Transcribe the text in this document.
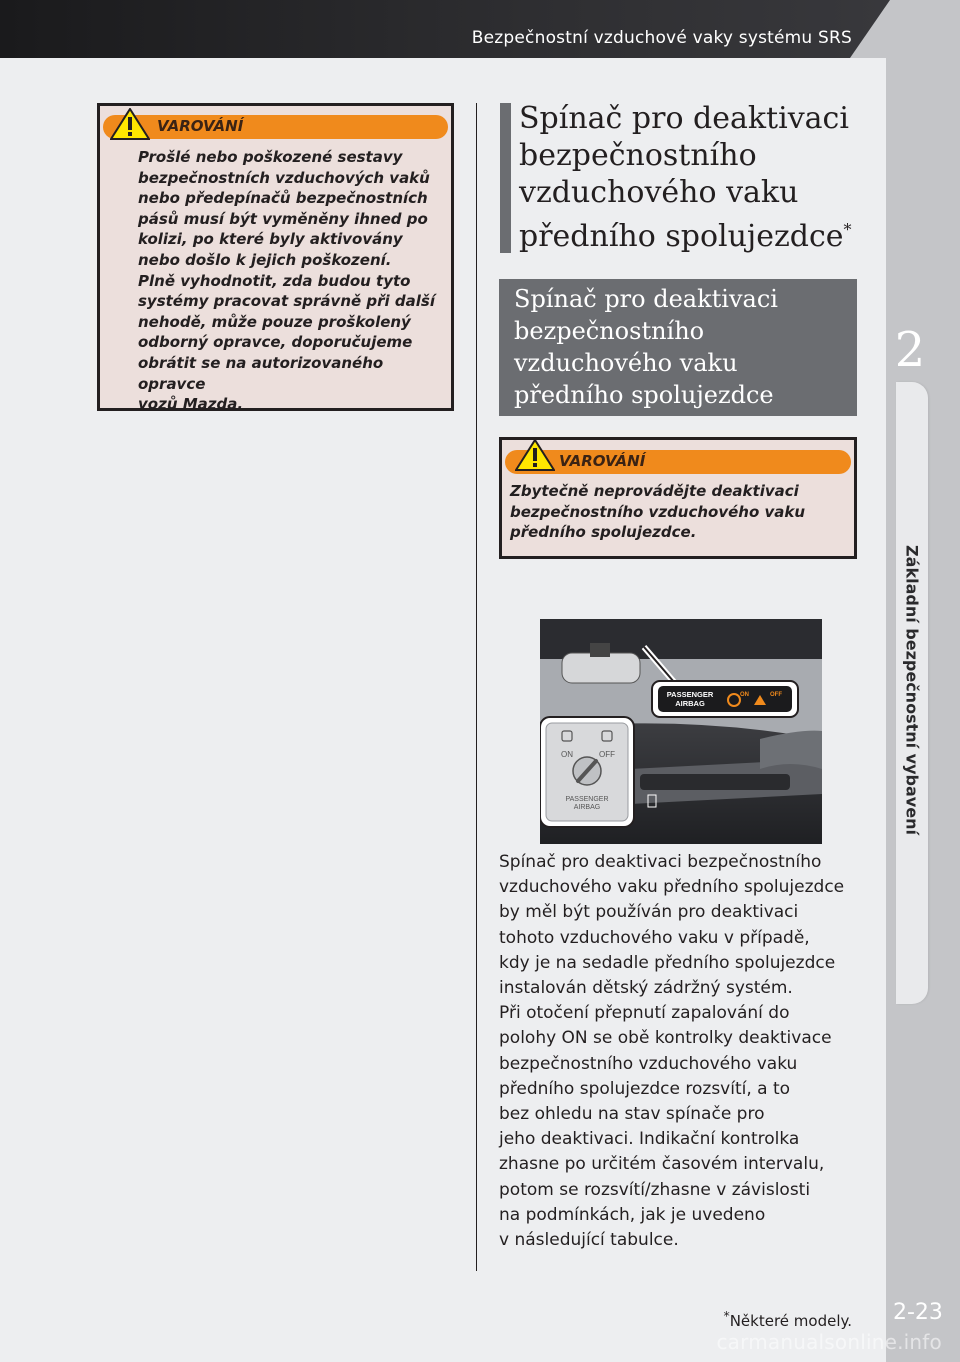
Bezpečnostní vzduchové vaky systému SRS
2
Základní bezpečnostní vybavení
2-23
carmanualsonline.info
VAROVÁNÍ
Prošlé nebo poškozené sestavy
bezpečnostních vzduchových vaků
nebo předepínačů bezpečnostních
pásů musí být vyměněny ihned po
kolizi, po které byly aktivovány
nebo došlo k jejich poškození.
Plně vyhodnotit, zda budou tyto
systémy pracovat správně při další
nehodě, může pouze proškolený
odborný opravce, doporučujeme
obrátit se na autorizovaného opravce
vozů Mazda.
Spínač pro deaktivaci
bezpečnostního
vzduchového vaku
předního spolujezdce*
Spínač pro deaktivaci
bezpečnostního
vzduchového vaku
předního spolujezdce
VAROVÁNÍ
Zbytečně neprovádějte deaktivaci
bezpečnostního vzduchového vaku
předního spolujezdce.
PASSENGER
AIRBAG
ON	OFF
ON	OFF
PASSENGER
AIRBAG
Spínač pro deaktivaci bezpečnostního
vzduchového vaku předního spolujezdce
by měl být používán pro deaktivaci
tohoto vzduchového vaku v případě,
kdy je na sedadle předního spolujezdce
instalován dětský zádržný systém.
Při otočení přepnutí zapalování do
polohy ON se obě kontrolky deaktivace
bezpečnostního vzduchového vaku
předního spolujezdce rozsvítí, a to
bez ohledu na stav spínače pro
jeho deaktivaci. Indikační kontrolka
zhasne po určitém časovém intervalu,
potom se rozsvítí/zhasne v závislosti
na podmínkách, jak je uvedeno
v následující tabulce.
*Některé modely.
